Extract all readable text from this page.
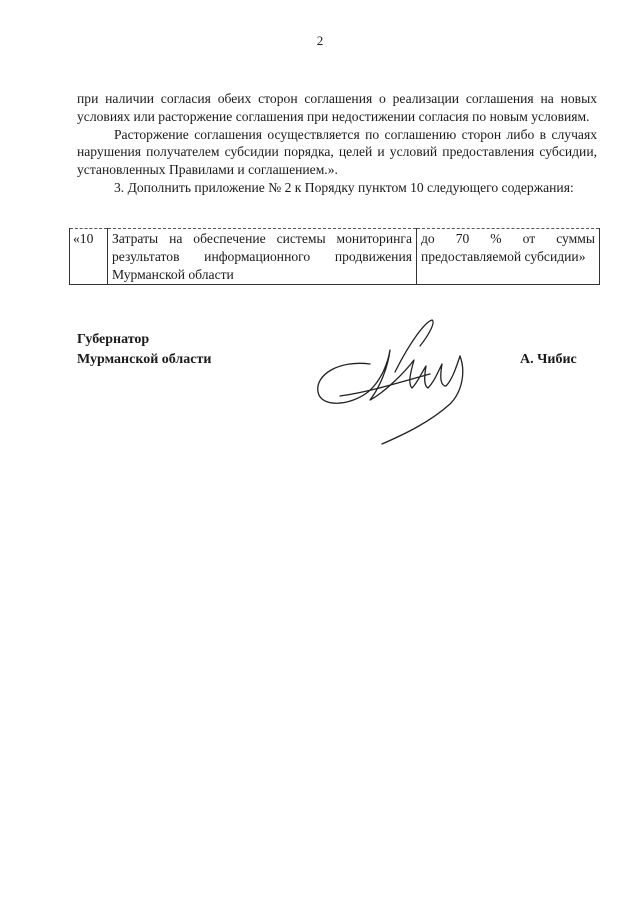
2

при наличии согласия обеих сторон соглашения о реализации соглашения на новых условиях или расторжение соглашения при недостижении согласия по новым условиям.

Расторжение соглашения осуществляется по соглашению сторон либо в случаях нарушения получателем субсидии порядка, целей и условий предоставления субсидии, установленных Правилами и соглашением.».

3. Дополнить приложение № 2 к Порядку пунктом 10 следующего содержания:

«10	Затраты на обеспечение системы мониторинга результатов информационного продвижения Мурманской области	до 70 % от суммы предоставляемой субсидии»
Губернатор
Мурманской области	А. Чибис
